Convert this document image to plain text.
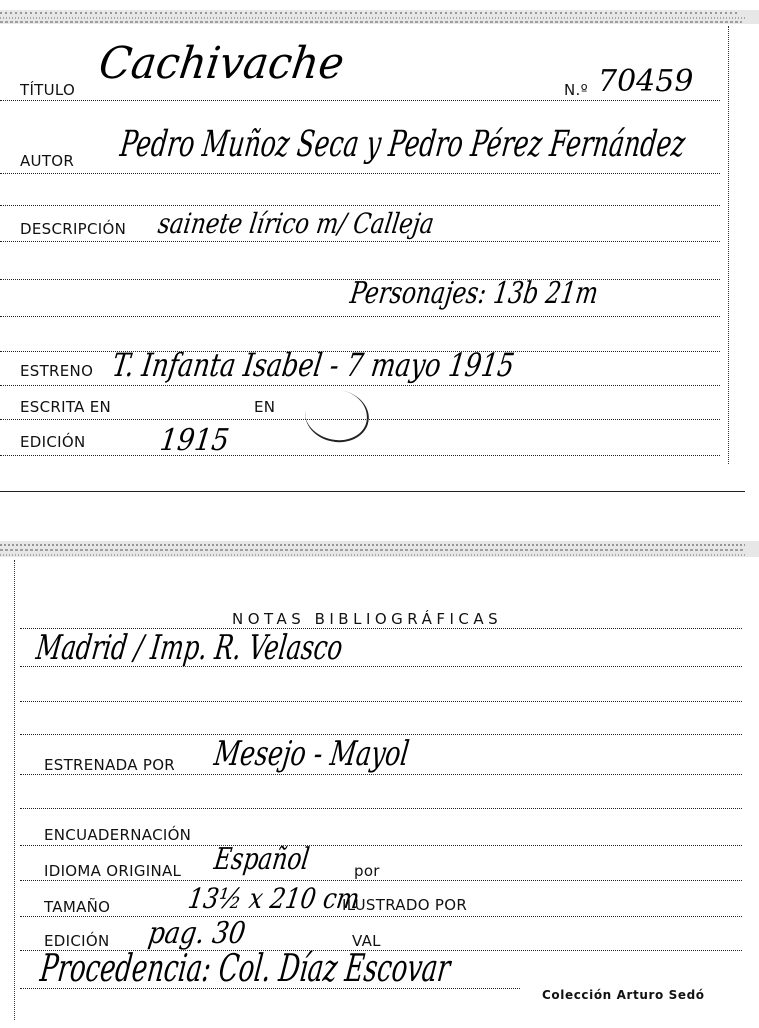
TÍTULO
Cachivache
N.º 70459
AUTOR Pedro Muñoz Seca y Pedro Pérez Fernández
DESCRIPCIÓN sainete lírico m/ Calleja
Personajes: 13b 21m
ESTRENO T. Infanta Isabel - 7 mayo 1915
ESCRITA EN	EN
EDICIÓN 1915
NOTAS BIBLIOGRÁFICAS
Madrid / Imp. R. Velasco
ESTRENADA POR Mesejo - Mayol
ENCUADERNACIÓN
IDIOMA ORIGINAL Español	por
TAMAÑO	13½ x 210 cm
ILUSTRADO POR
EDICIÓN pag. 30	VAL
Procedencia: Col. Díaz Escovar
Colección Arturo Sedó
